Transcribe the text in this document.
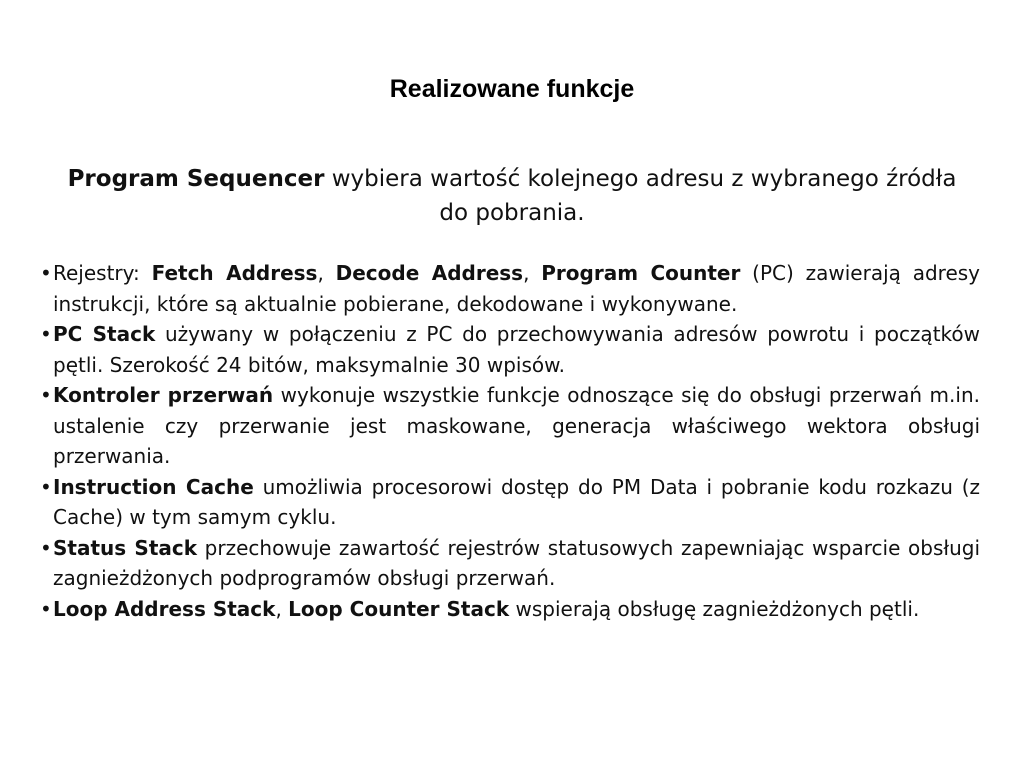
Realizowane funkcje
Program Sequencer wybiera wartość kolejnego adresu z wybranego źródła do pobrania.
• Rejestry: Fetch Address, Decode Address, Program Counter (PC) zawierają adresy instrukcji, które są aktualnie pobierane, dekodowane i wykonywane.
• PC Stack używany w połączeniu z PC do przechowywania adresów powrotu i początków pętli. Szerokość 24 bitów, maksymalnie 30 wpisów.
• Kontroler przerwań wykonuje wszystkie funkcje odnoszące się do obsługi przerwań m.in. ustalenie czy przerwanie jest maskowane, generacja właściwego wektora obsługi przerwania.
• Instruction Cache umożliwia procesorowi dostęp do PM Data i pobranie kodu rozkazu (z Cache) w tym samym cyklu.
• Status Stack przechowuje zawartość rejestrów statusowych zapewniając wsparcie obsługi zagnieżdżonych podprogramów obsługi przerwań.
• Loop Address Stack, Loop Counter Stack wspierają obsługę zagnieżdżonych pętli.
